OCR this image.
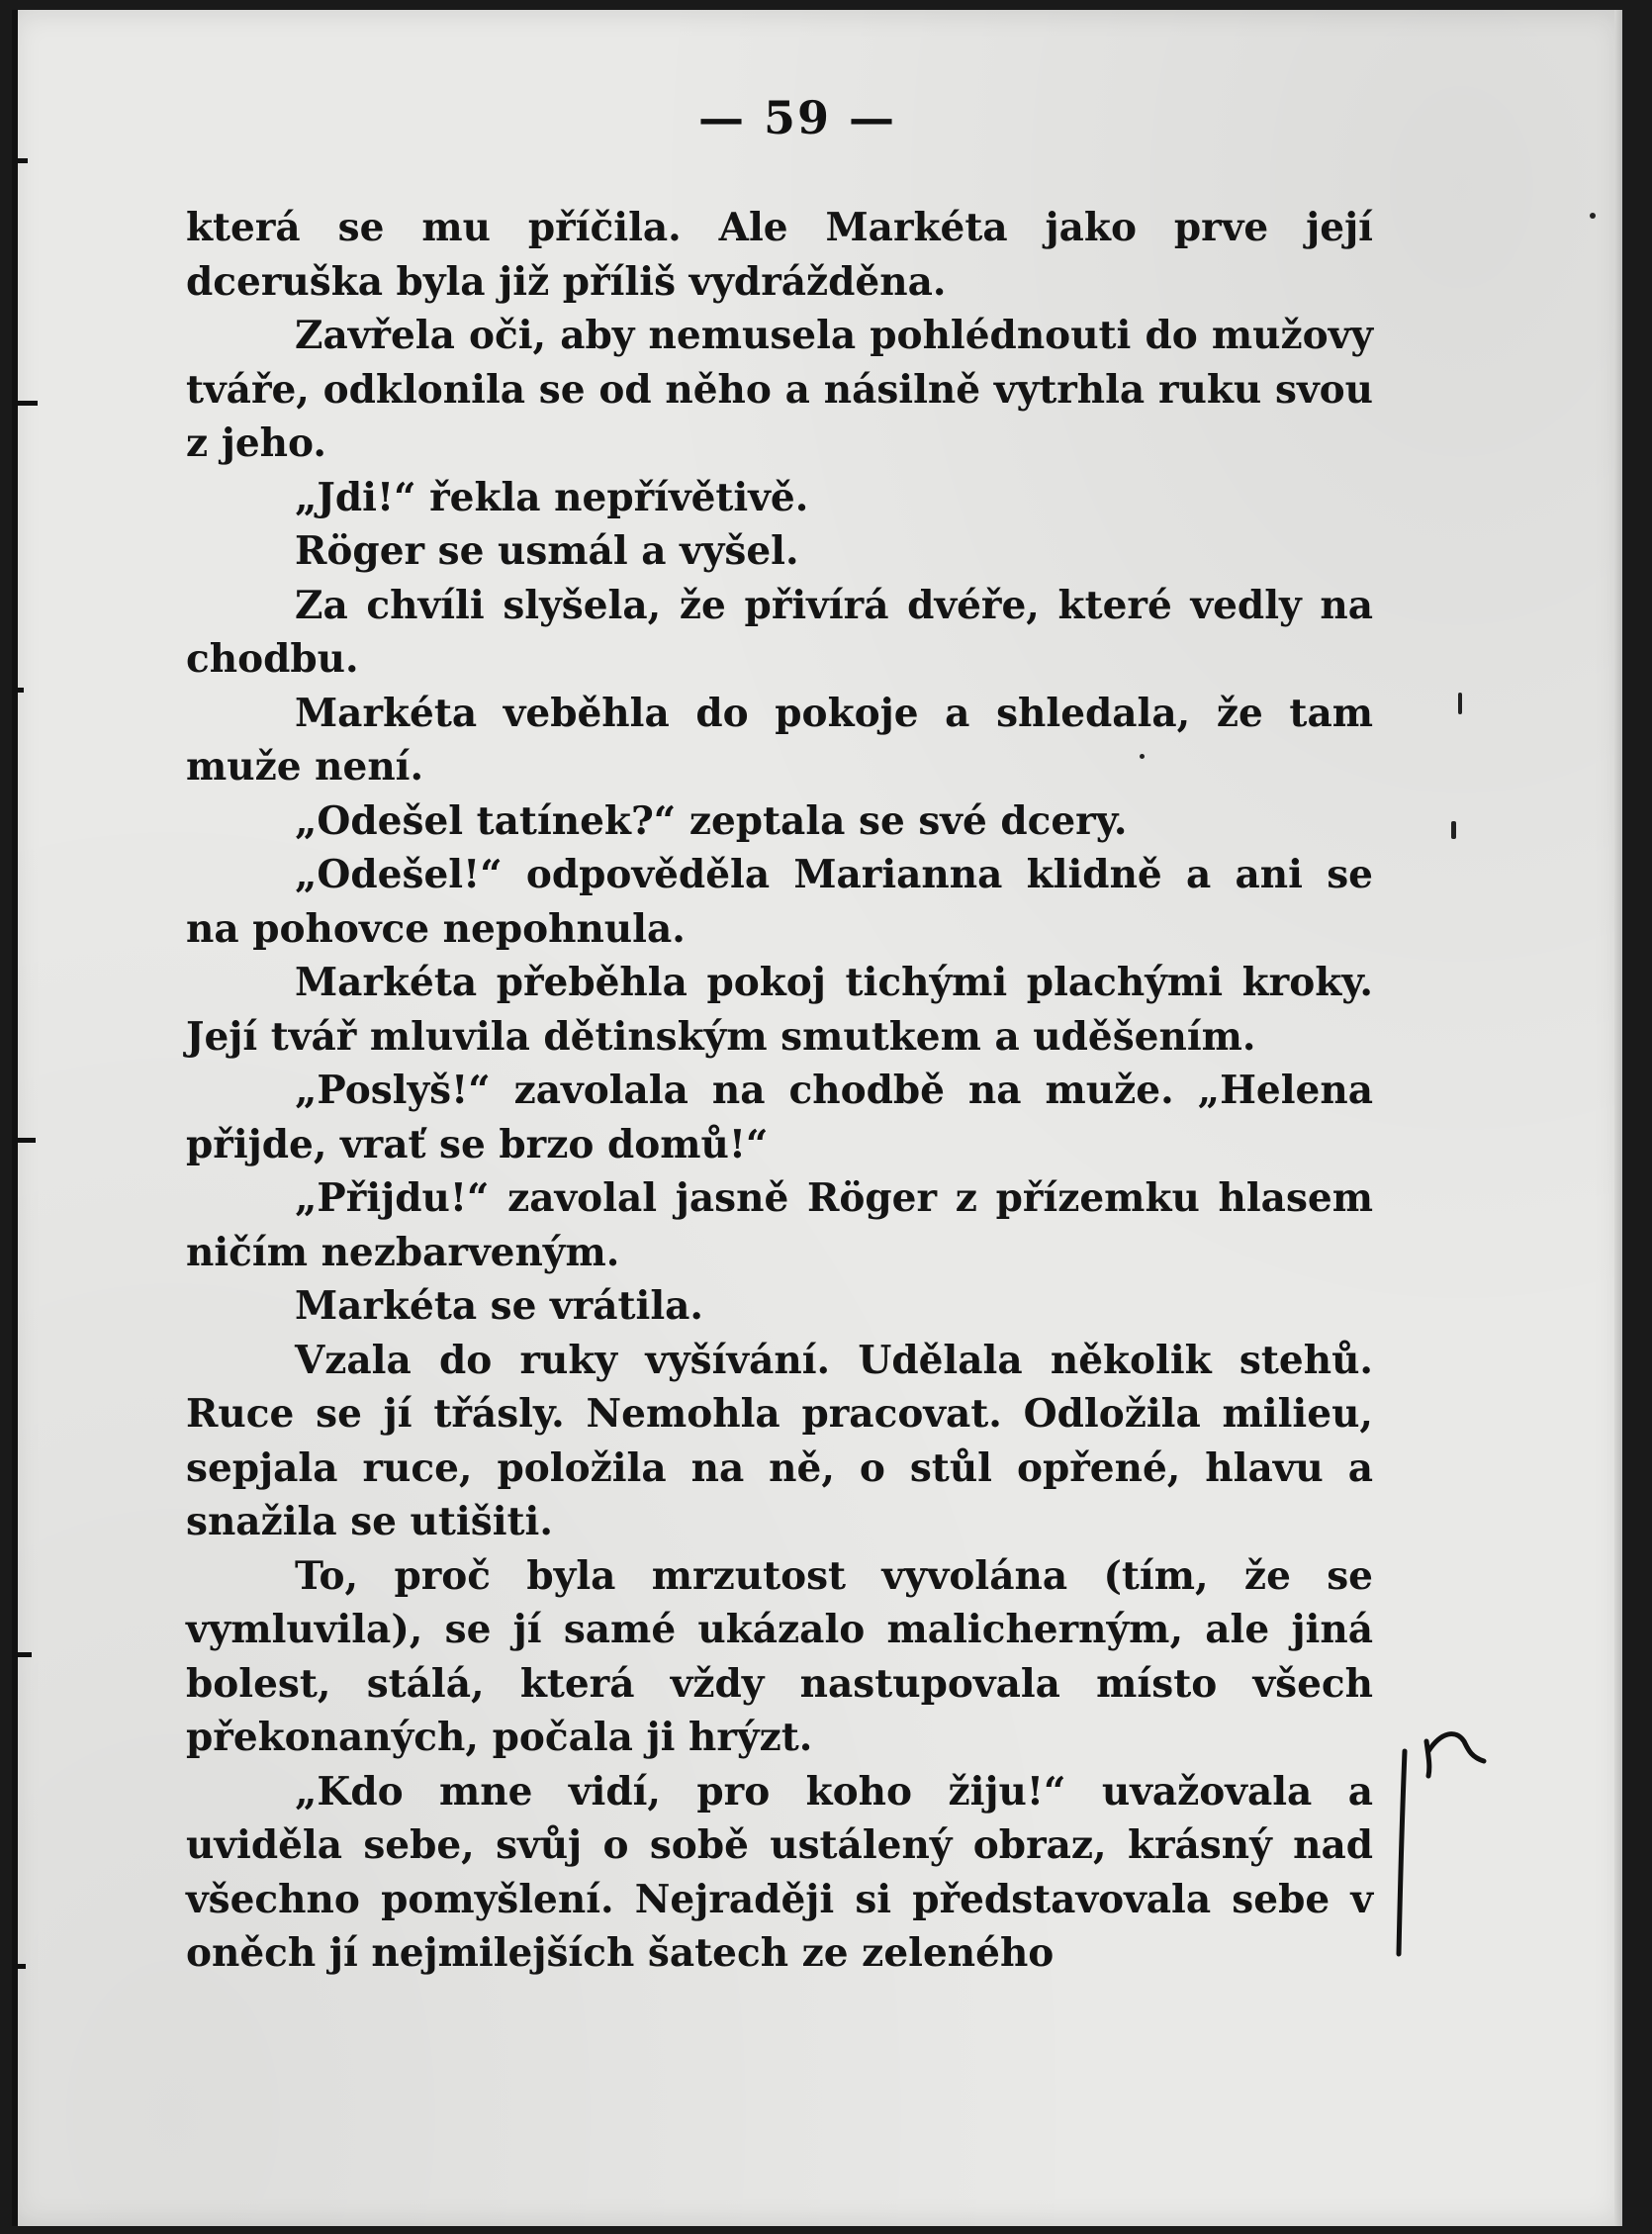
— 59 —

která se mu příčila. Ale Markéta jako prve její dceruška byla již příliš vydrážděna.

Zavřela oči, aby nemusela pohlédnouti do mužovy tváře, odklonila se od něho a násilně vytrhla ruku svou z jeho.

„Jdi!“ řekla nepřívětivě.

Röger se usmál a vyšel.

Za chvíli slyšela, že přivírá dvéře, které vedly na chodbu.

Markéta veběhla do pokoje a shledala, že tam muže není.

„Odešel tatínek?“ zeptala se své dcery.

„Odešel!“ odpověděla Marianna klidně a ani se na pohovce nepohnula.

Markéta přeběhla pokoj tichými plachými kroky. Její tvář mluvila dětinským smutkem a uděšením.

„Poslyš!“ zavolala na chodbě na muže. „Helena přijde, vrať se brzo domů!“

„Přijdu!“ zavolal jasně Röger z přízemku hlasem ničím nezbarveným.

Markéta se vrátila.

Vzala do ruky vyšívání. Udělala několik stehů. Ruce se jí třásly. Nemohla pracovat. Odložila milieu, sepjala ruce, položila na ně, o stůl opřené, hlavu a snažila se utišiti.

To, proč byla mrzutost vyvolána (tím, že se vymluvila), se jí samé ukázalo malicherným, ale jiná bolest, stálá, která vždy nastupovala místo všech překonaných, počala ji hrýzt.

„Kdo mne vidí, pro koho žiju!“ uvažovala a uviděla sebe, svůj o sobě ustálený obraz, krásný nad všechno pomyšlení. Nejraději si představovala sebe v oněch jí nejmilejších šatech ze zeleného
